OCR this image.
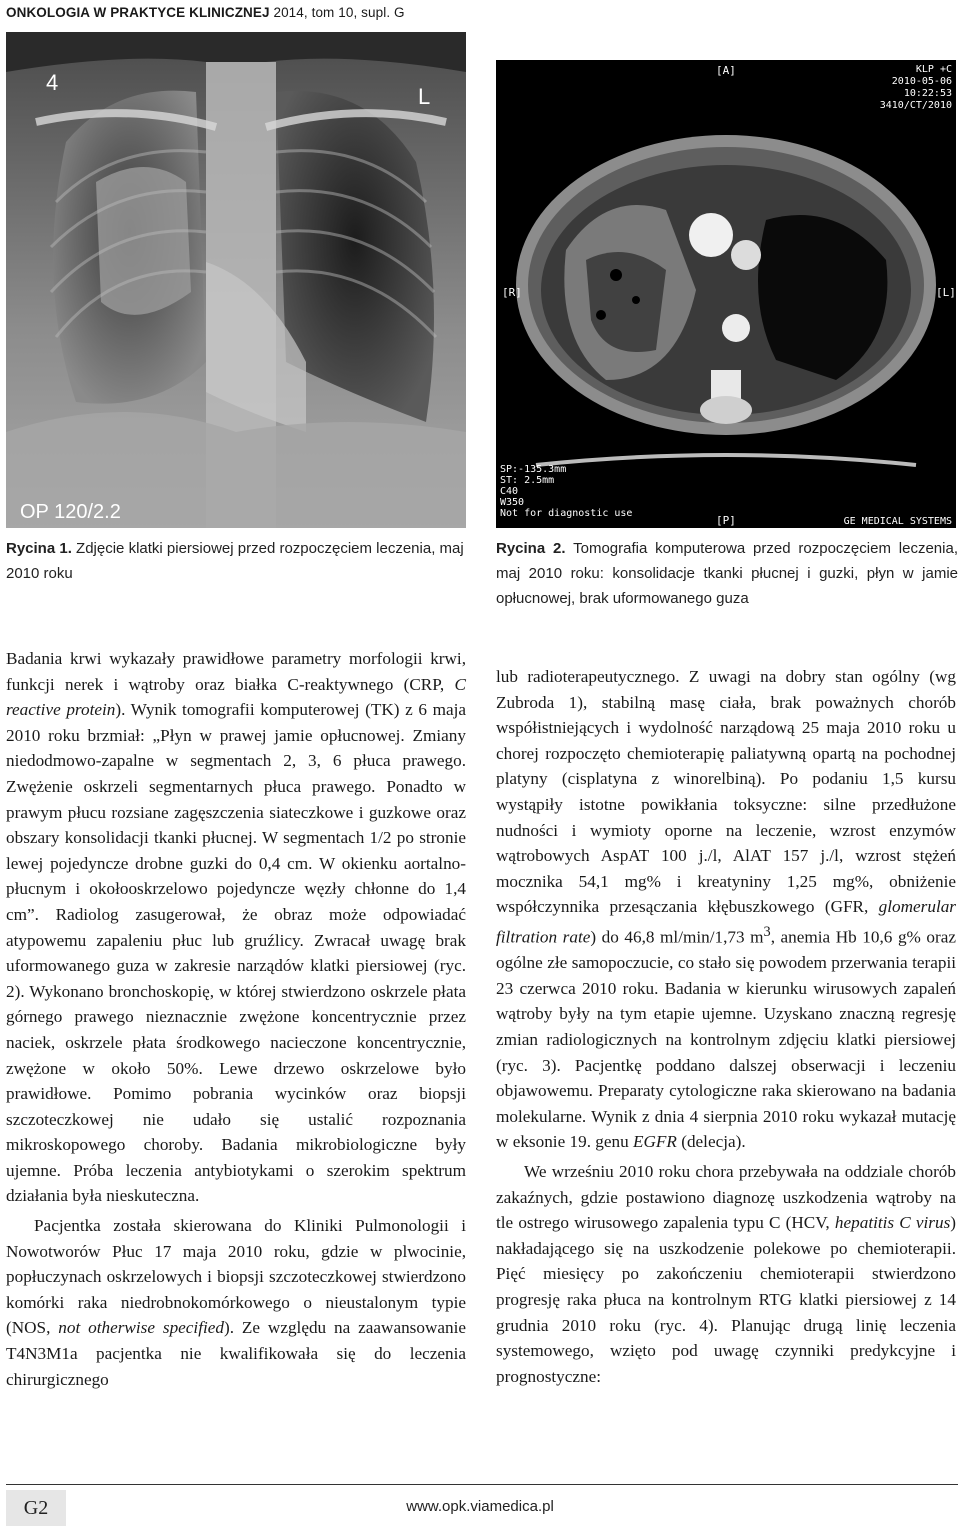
ONKOLOGIA W PRAKTYCE KLINICZNEJ 2014, tom 10, supl. G
4
L
OP 120/2.2
[A]
[R]	[L]
[P]
KLP +C
2010-05-06
10:22:53
3410/CT/2010
GE MEDICAL SYSTEMS
SP:-135.3mm
ST: 2.5mm
C40
W350
Not for diagnostic use
Rycina 1. Zdjęcie klatki piersiowej przed rozpoczęciem leczenia, maj 2010 roku
Rycina 2. Tomografia komputerowa przed rozpoczęciem leczenia, maj 2010 roku: konsolidacje tkanki płucnej i guzki, płyn w jamie opłucnowej, brak uformowanego guza

Badania krwi wykazały prawidłowe parametry morfologii krwi, funkcji nerek i wątroby oraz białka C-reaktywnego (CRP, C reactive protein). Wynik tomografii komputerowej (TK) z 6 maja 2010 roku brzmiał: „Płyn w prawej jamie opłucnowej. Zmiany niedodmowo-zapalne w segmentach 2, 3, 6 płuca prawego. Zwężenie oskrzeli segmentarnych płuca prawego. Ponadto w prawym płucu rozsiane zagęszczenia siateczkowe i guzkowe oraz obszary konsolidacji tkanki płucnej. W segmentach 1/2 po stronie lewej pojedyncze drobne guzki do 0,4 cm. W okienku aortalno-płucnym i okołooskrzelowo pojedyncze węzły chłonne do 1,4 cm”. Radiolog zasugerował, że obraz może odpowiadać atypowemu zapaleniu płuc lub gruźlicy. Zwracał uwagę brak uformowanego guza w zakresie narządów klatki piersiowej (ryc. 2). Wykonano bronchoskopię, w której stwierdzono oskrzele płata górnego prawego nieznacznie zwężone koncentrycznie przez naciek, oskrzele płata środkowego nacieczone koncentrycznie, zwężone w około 50%. Lewe drzewo oskrzelowe było prawidłowe. Pomimo pobrania wycinków oraz biopsji szczoteczkowej nie udało się ustalić rozpoznania mikroskopowego choroby. Badania mikrobiologiczne były ujemne. Próba leczenia antybiotykami o szerokim spektrum działania była nieskuteczna.

Pacjentka została skierowana do Kliniki Pulmonologii i Nowotworów Płuc 17 maja 2010 roku, gdzie w plwocinie, popłuczynach oskrzelowych i biopsji szczoteczkowej stwierdzono komórki raka niedrobnokomórkowego o nieustalonym typie (NOS, not otherwise specified). Ze względu na zaawansowanie T4N3M1a pacjentka nie kwalifikowała się do leczenia chirurgicznego

lub radioterapeutycznego. Z uwagi na dobry stan ogólny (wg Zubroda 1), stabilną masę ciała, brak poważnych chorób współistniejących i wydolność narządową 25 maja 2010 roku u chorej rozpoczęto chemioterapię paliatywną opartą na pochodnej platyny (cisplatyna z winorelbiną). Po podaniu 1,5 kursu wystąpiły istotne powikłania toksyczne: silne przedłużone nudności i wymioty oporne na leczenie, wzrost enzymów wątrobowych AspAT 100 j./l, AlAT 157 j./l, wzrost stężeń mocznika 54,1 mg% i kreatyniny 1,25 mg%, obniżenie współczynnika przesączania kłębuszkowego (GFR, glomerular filtration rate) do 46,8 ml/min/1,73 $m^3$, anemia Hb 10,6 g% oraz ogólne złe samopoczucie, co stało się powodem przerwania terapii 23 czerwca 2010 roku. Badania w kierunku wirusowych zapaleń wątroby były na tym etapie ujemne. Uzyskano znaczną regresję zmian radiologicznych na kontrolnym zdjęciu klatki piersiowej (ryc. 3). Pacjentkę poddano dalszej obserwacji i leczeniu objawowemu. Preparaty cytologiczne raka skierowano na badania molekularne. Wynik z dnia 4 sierpnia 2010 roku wykazał mutację w eksonie 19. genu EGFR (delecja).

We wrześniu 2010 roku chora przebywała na oddziale chorób zakaźnych, gdzie postawiono diagnozę uszkodzenia wątroby na tle ostrego wirusowego zapalenia typu C (HCV, hepatitis C virus) nakładającego się na uszkodzenie polekowe po chemioterapii. Pięć miesięcy po zakończeniu chemioterapii stwierdzono progresję raka płuca na kontrolnym RTG klatki piersiowej z 14 grudnia 2010 roku (ryc. 4). Planując drugą linię leczenia systemowego, wzięto pod uwagę czynniki predykcyjne i prognostyczne:

G2	www.opk.viamedica.pl
